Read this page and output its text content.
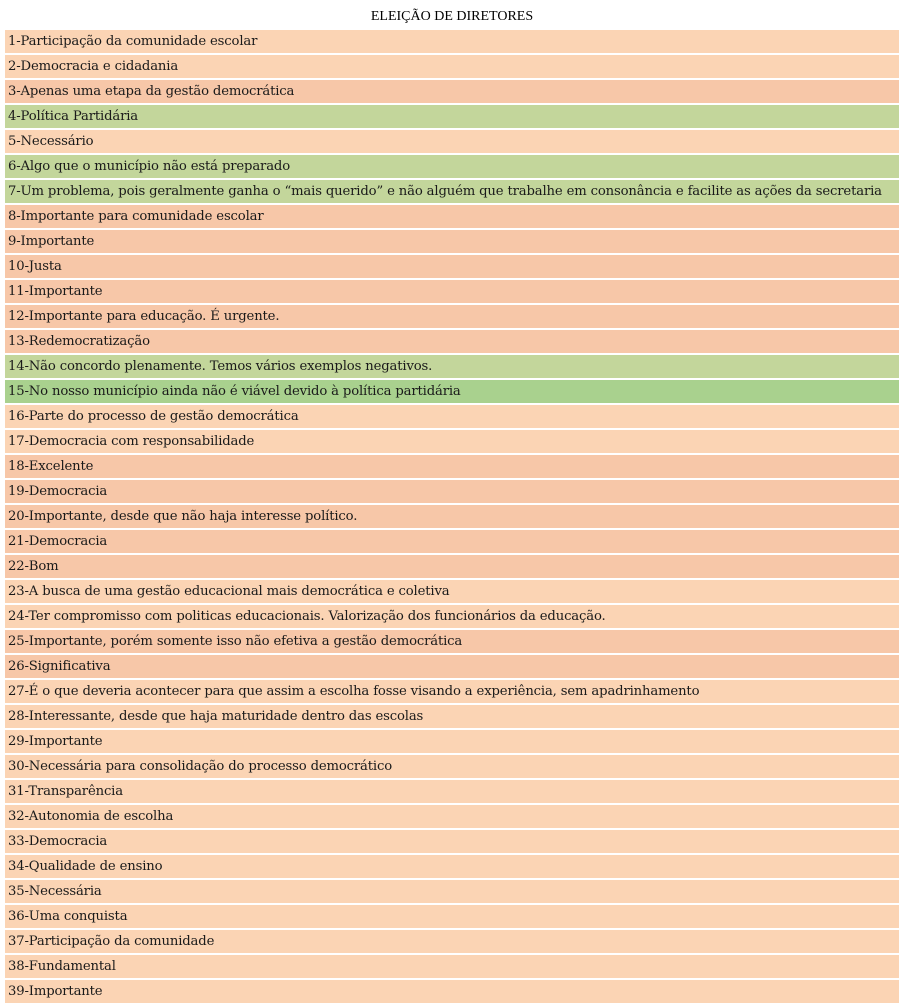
ELEIÇÃO DE DIRETORES
1-Participação da comunidade escolar
2-Democracia e cidadania
3-Apenas uma etapa da gestão democrática
4-Política Partidária
5-Necessário
6-Algo que o município não está preparado
7-Um problema, pois geralmente ganha o “mais querido” e não alguém que trabalhe em consonância e facilite as ações da secretaria
8-Importante para comunidade escolar
9-Importante
10-Justa
11-Importante
12-Importante para educação. É urgente.
13-Redemocratização
14-Não concordo plenamente. Temos vários exemplos negativos.
15-No nosso município ainda não é viável devido à política partidária
16-Parte do processo de gestão democrática
17-Democracia com responsabilidade
18-Excelente
19-Democracia
20-Importante, desde que não haja interesse político.
21-Democracia
22-Bom
23-A busca de uma gestão educacional mais democrática e coletiva
24-Ter compromisso com politicas educacionais. Valorização dos funcionários da educação.
25-Importante, porém somente isso não efetiva a gestão democrática
26-Significativa
27-É o que deveria acontecer para que assim a escolha fosse visando a experiência, sem apadrinhamento
28-Interessante, desde que haja maturidade dentro das escolas
29-Importante
30-Necessária para consolidação do processo democrático
31-Transparência
32-Autonomia de escolha
33-Democracia
34-Qualidade de ensino
35-Necessária
36-Uma conquista
37-Participação da comunidade
38-Fundamental
39-Importante
